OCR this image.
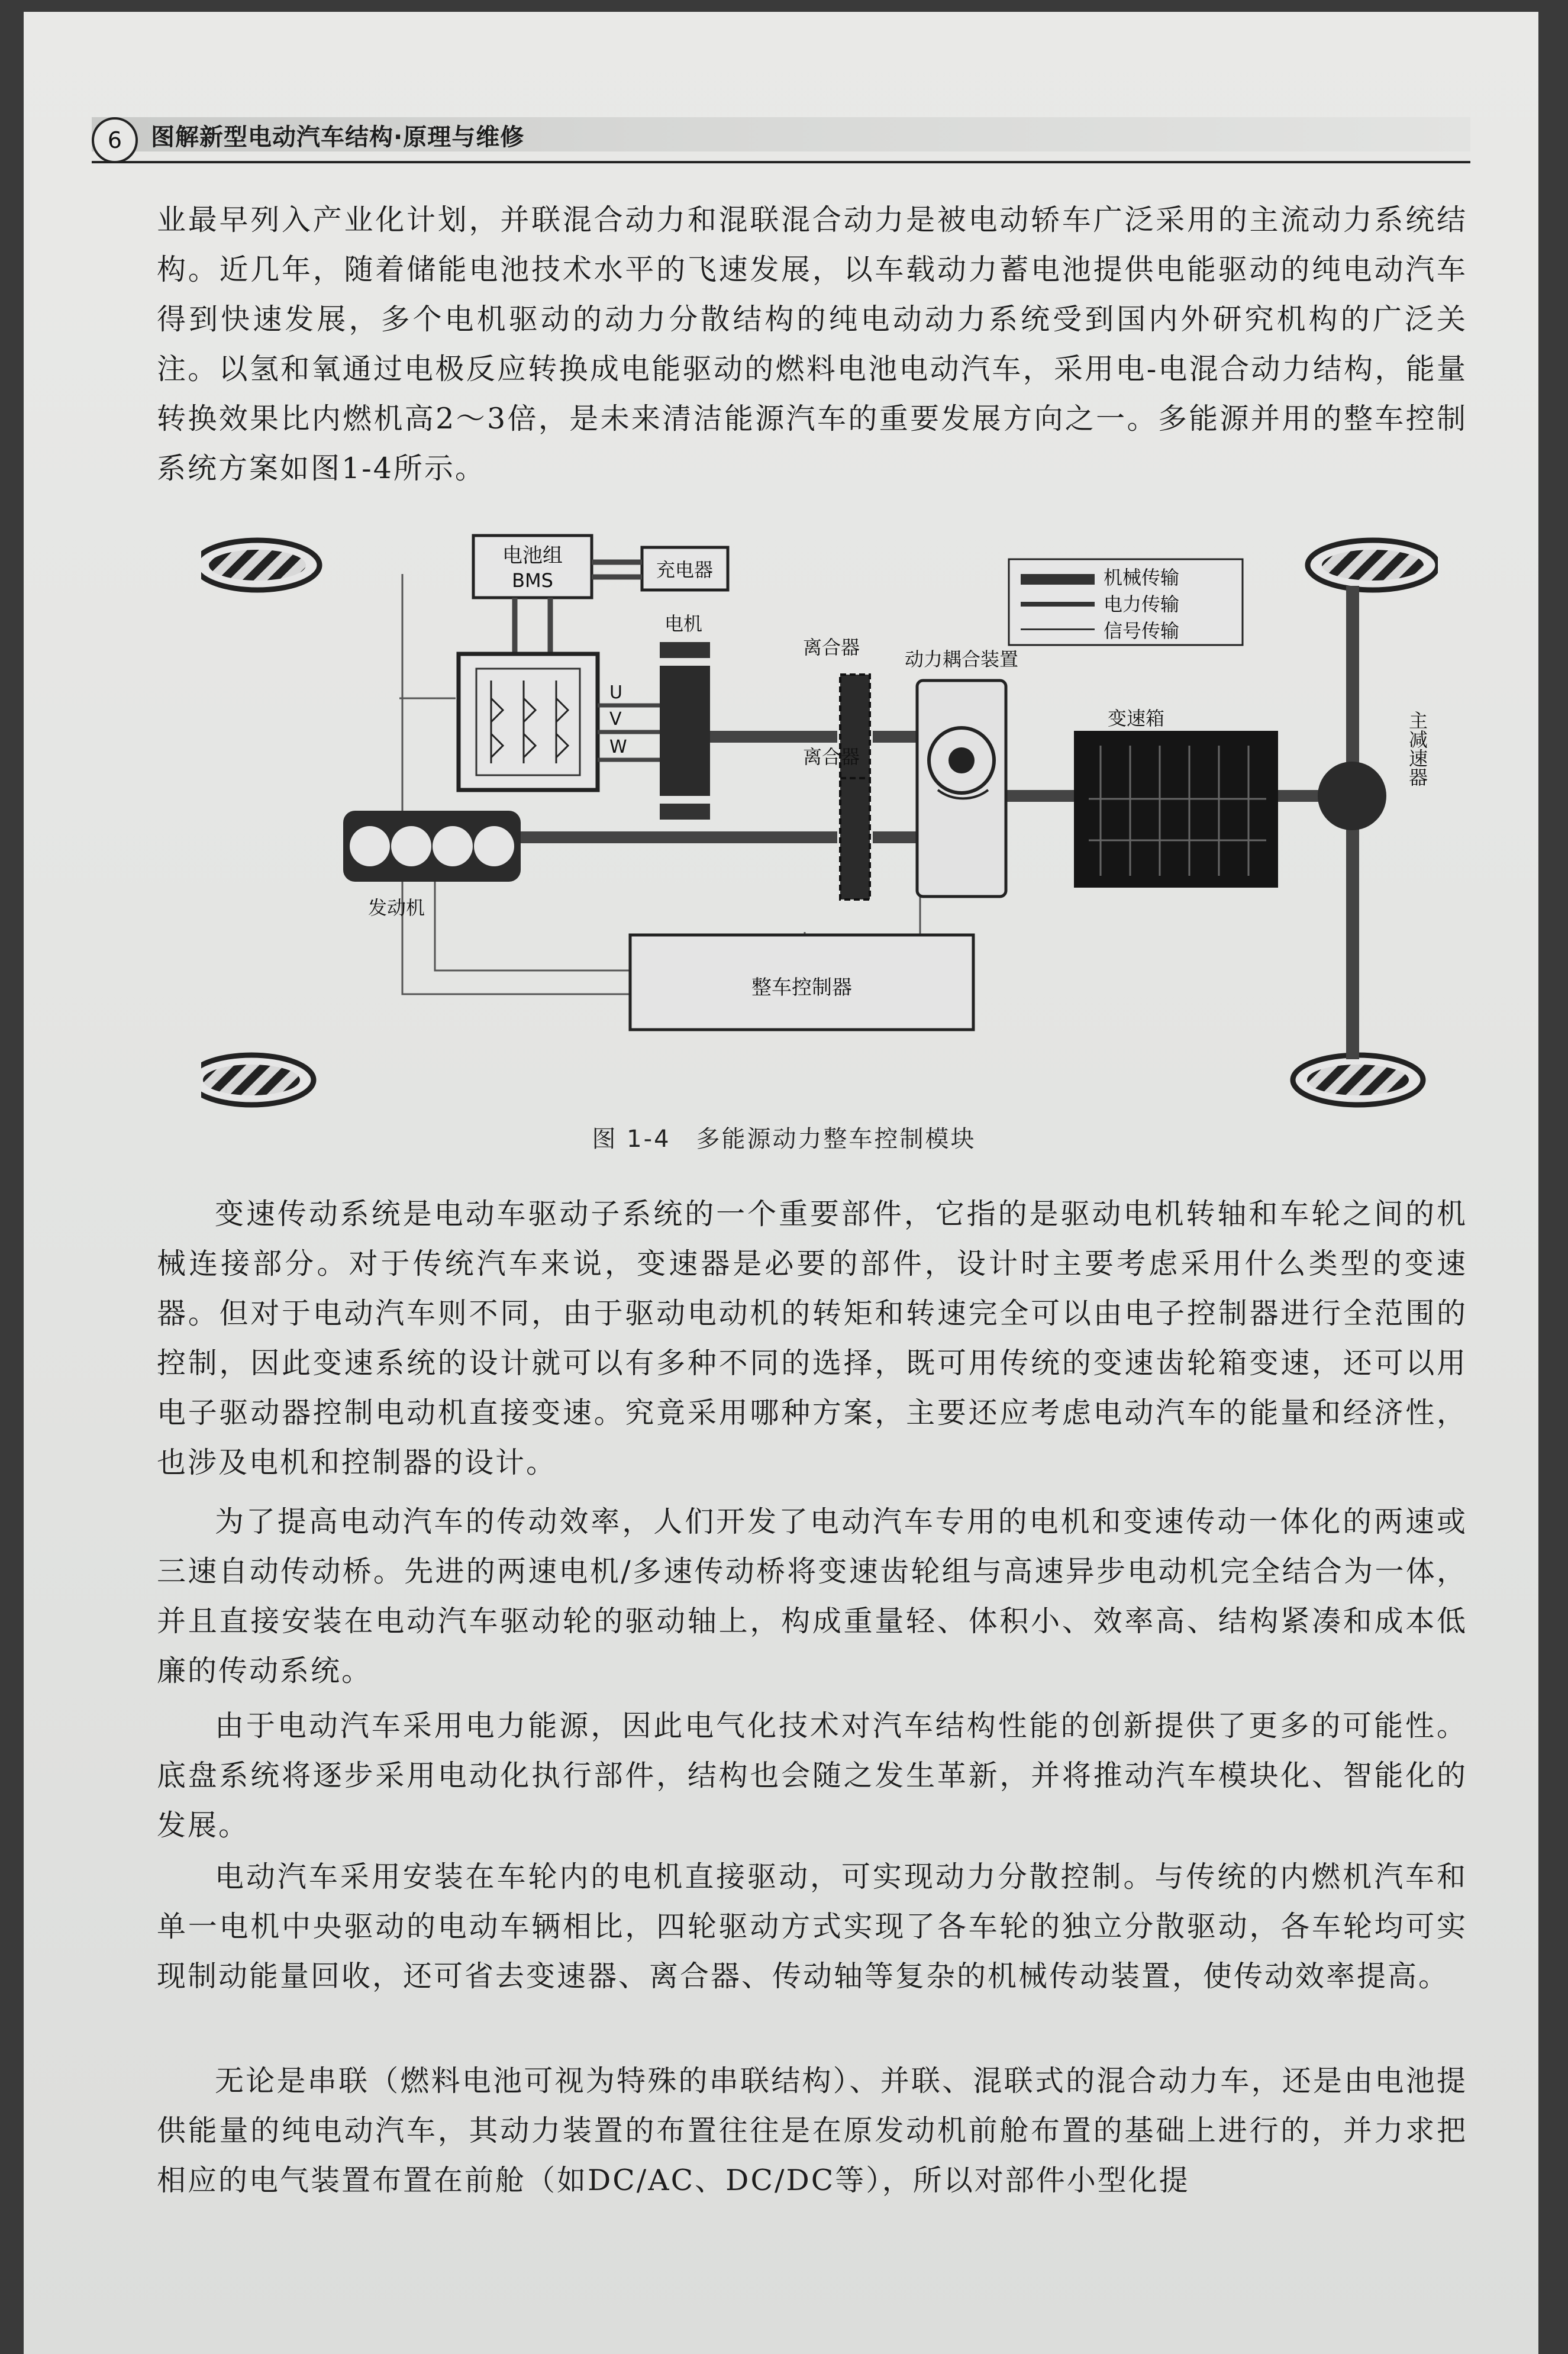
6	图解新型电动汽车结构·原理与维修

业最早列入产业化计划，并联混合动力和混联混合动力是被电动轿车广泛采用的主流动力系统结构。近几年，随着储能电池技术水平的飞速发展，以车载动力蓄电池提供电能驱动的纯电动汽车得到快速发展，多个电机驱动的动力分散结构的纯电动动力系统受到国内外研究机构的广泛关注。以氢和氧通过电极反应转换成电能驱动的燃料电池电动汽车，采用电-电混合动力结构，能量转换效果比内燃机高2～3倍，是未来清洁能源汽车的重要发展方向之一。多能源并用的整车控制系统方案如图1-4所示。

电池组
BMS	充电器
U
V
W
电机
离合器
离合器
动力耦合装置
变速箱	主减速器
发动机
整车控制器
机械传输
电力传输
信号传输
图 1-4　多能源动力整车控制模块

变速传动系统是电动车驱动子系统的一个重要部件，它指的是驱动电机转轴和车轮之间的机械连接部分。对于传统汽车来说，变速器是必要的部件，设计时主要考虑采用什么类型的变速器。但对于电动汽车则不同，由于驱动电动机的转矩和转速完全可以由电子控制器进行全范围的控制，因此变速系统的设计就可以有多种不同的选择，既可用传统的变速齿轮箱变速，还可以用电子驱动器控制电动机直接变速。究竟采用哪种方案，主要还应考虑电动汽车的能量和经济性，也涉及电机和控制器的设计。

为了提高电动汽车的传动效率，人们开发了电动汽车专用的电机和变速传动一体化的两速或三速自动传动桥。先进的两速电机/多速传动桥将变速齿轮组与高速异步电动机完全结合为一体，并且直接安装在电动汽车驱动轮的驱动轴上，构成重量轻、体积小、效率高、结构紧凑和成本低廉的传动系统。

由于电动汽车采用电力能源，因此电气化技术对汽车结构性能的创新提供了更多的可能性。底盘系统将逐步采用电动化执行部件，结构也会随之发生革新，并将推动汽车模块化、智能化的发展。

电动汽车采用安装在车轮内的电机直接驱动，可实现动力分散控制。与传统的内燃机汽车和单一电机中央驱动的电动车辆相比，四轮驱动方式实现了各车轮的独立分散驱动，各车轮均可实现制动能量回收，还可省去变速器、离合器、传动轴等复杂的机械传动装置，使传动效率提高。

无论是串联（燃料电池可视为特殊的串联结构）、并联、混联式的混合动力车，还是由电池提供能量的纯电动汽车，其动力装置的布置往往是在原发动机前舱布置的基础上进行的，并力求把相应的电气装置布置在前舱（如DC/AC、DC/DC等），所以对部件小型化提
